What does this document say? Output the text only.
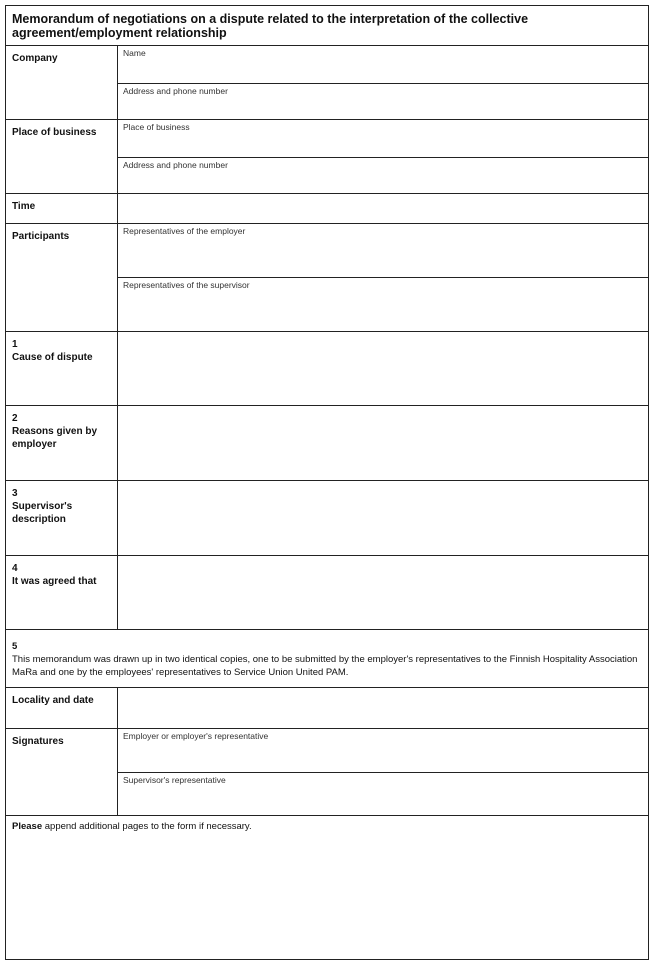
Memorandum of negotiations on a dispute related to the interpretation of the collective agreement/employment relationship
Company	Name
Address and phone number
Place of business	Place of business
Address and phone number
Time
Participants	Representatives of the employer
Representatives of the supervisor
1
Cause of dispute
2
Reasons given by employer
3
Supervisor's description
4
It was agreed that
5
This memorandum was drawn up in two identical copies, one to be submitted by the employer's representatives to the Finnish Hospitality Association MaRa and one by the employees' representatives to Service Union United PAM.
Locality and date
Signatures	Employer or employer's representative
Supervisor's representative
Please append additional pages to the form if necessary.
